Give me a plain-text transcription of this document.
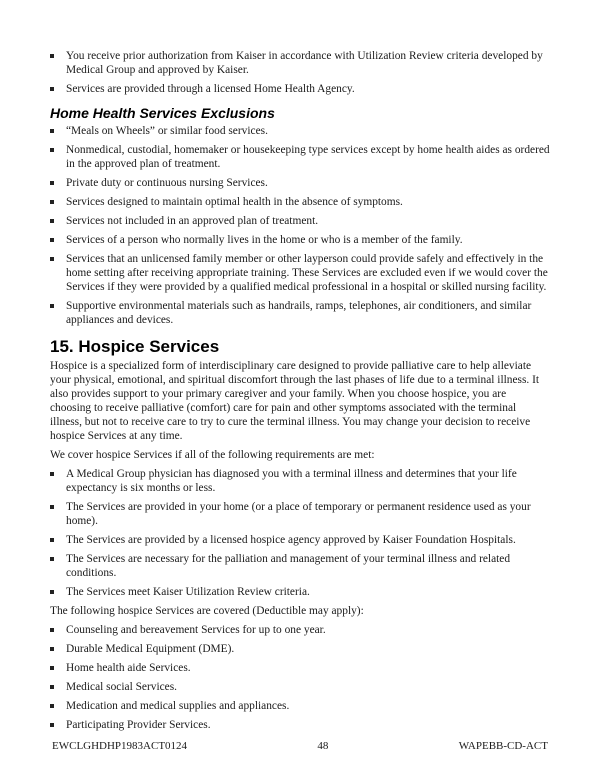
You receive prior authorization from Kaiser in accordance with Utilization Review criteria developed by Medical Group and approved by Kaiser.
Services are provided through a licensed Home Health Agency.
Home Health Services Exclusions
“Meals on Wheels” or similar food services.
Nonmedical, custodial, homemaker or housekeeping type services except by home health aides as ordered in the approved plan of treatment.
Private duty or continuous nursing Services.
Services designed to maintain optimal health in the absence of symptoms.
Services not included in an approved plan of treatment.
Services of a person who normally lives in the home or who is a member of the family.
Services that an unlicensed family member or other layperson could provide safely and effectively in the home setting after receiving appropriate training. These Services are excluded even if we would cover the Services if they were provided by a qualified medical professional in a hospital or skilled nursing facility.
Supportive environmental materials such as handrails, ramps, telephones, air conditioners, and similar appliances and devices.
15. Hospice Services

Hospice is a specialized form of interdisciplinary care designed to provide palliative care to help alleviate your physical, emotional, and spiritual discomfort through the last phases of life due to a terminal illness. It also provides support to your primary caregiver and your family. When you choose hospice, you are choosing to receive palliative (comfort) care for pain and other symptoms associated with the terminal illness, but not to receive care to try to cure the terminal illness. You may change your decision to receive hospice Services at any time.

We cover hospice Services if all of the following requirements are met:

A Medical Group physician has diagnosed you with a terminal illness and determines that your life expectancy is six months or less.
The Services are provided in your home (or a place of temporary or permanent residence used as your home).
The Services are provided by a licensed hospice agency approved by Kaiser Foundation Hospitals.
The Services are necessary for the palliation and management of your terminal illness and related conditions.
The Services meet Kaiser Utilization Review criteria.

The following hospice Services are covered (Deductible may apply):

Counseling and bereavement Services for up to one year.
Durable Medical Equipment (DME).
Home health aide Services.
Medical social Services.
Medication and medical supplies and appliances.
Participating Provider Services.
EWCLGHDHP1983ACT0124	48	WAPEBB-CD-ACT
